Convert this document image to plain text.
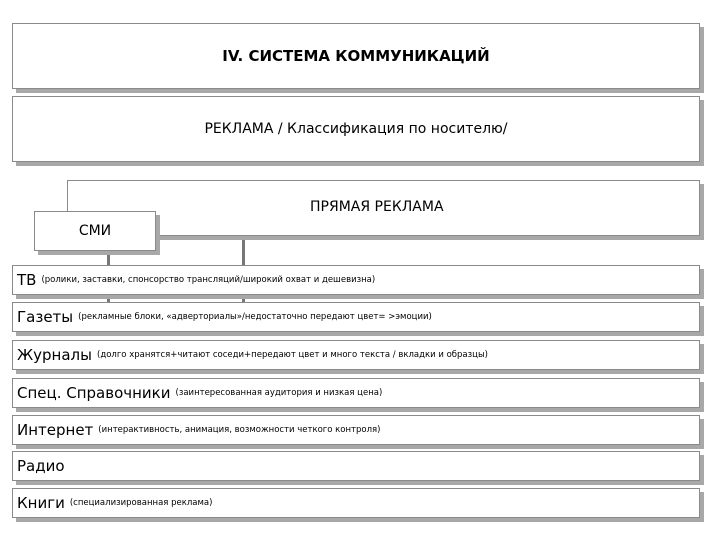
IV. СИСТЕМА КОММУНИКАЦИЙ
РЕКЛАМА / Классификация по носителю/
ПРЯМАЯ РЕКЛАМА
СМИ
ТВ (ролики, заставки, спонсорство трансляций/широкий охват и дешевизна)
Газеты (рекламные блоки, «адверториалы»/недостаточно передают цвет= >эмоции)
Журналы (долго хранятся+читают соседи+передают цвет и много текста / вкладки и образцы)
Спец. Справочники (заинтересованная аудитория и низкая цена)
Интернет (интерактивность, анимация, возможности четкого контроля)
Радио
Книги (специализированная реклама)
